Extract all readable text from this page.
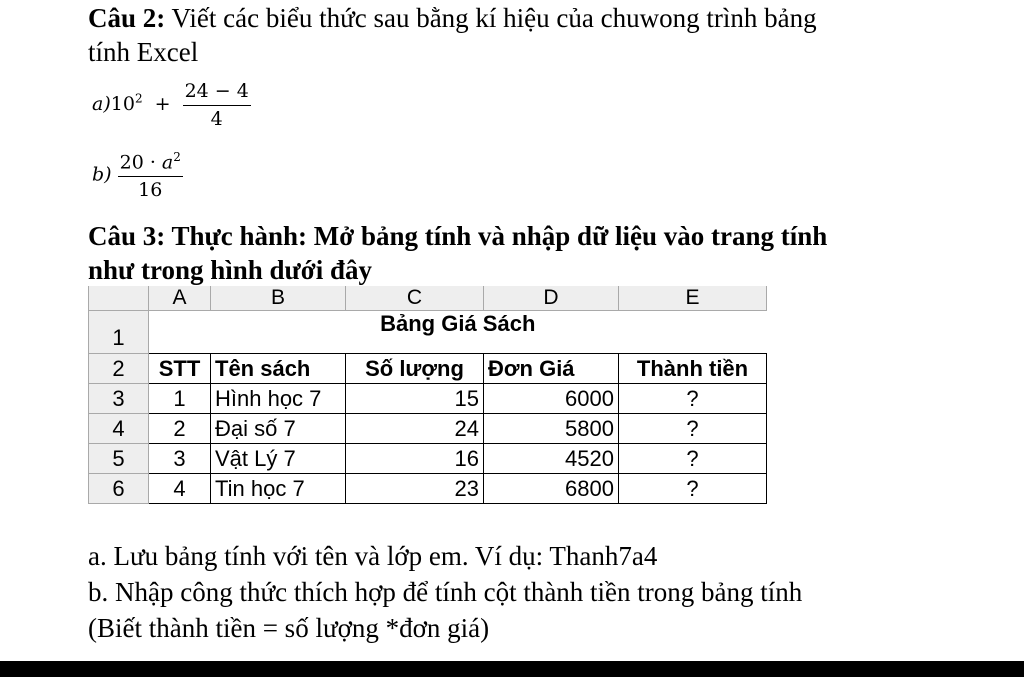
Câu 2: Viết các biểu thức sau bằng kí hiệu của chuwong trình bảng
tính Excel
$a)10^2 + \frac{24 - 4}{4}$
$b) \frac{20 \cdot a^2}{16}$
Câu 3: Thực hành: Mở bảng tính và nhập dữ liệu vào trang tính
như trong hình dưới đây
	A	B	C	D	E
1	Bảng Giá Sách				
2	STT	Tên sách	Số lượng	Đơn Giá	Thành tiền
3	1	Hình học 7	15	6000	?
4	2	Đại số 7	24	5800	?
5	3	Vật Lý 7	16	4520	?
6	4	Tin học 7	23	6800	?
a. Lưu bảng tính với tên và lớp em. Ví dụ: Thanh7a4
b. Nhập công thức thích hợp để tính cột thành tiền trong bảng tính
(Biết thành tiền = số lượng *đơn giá)
